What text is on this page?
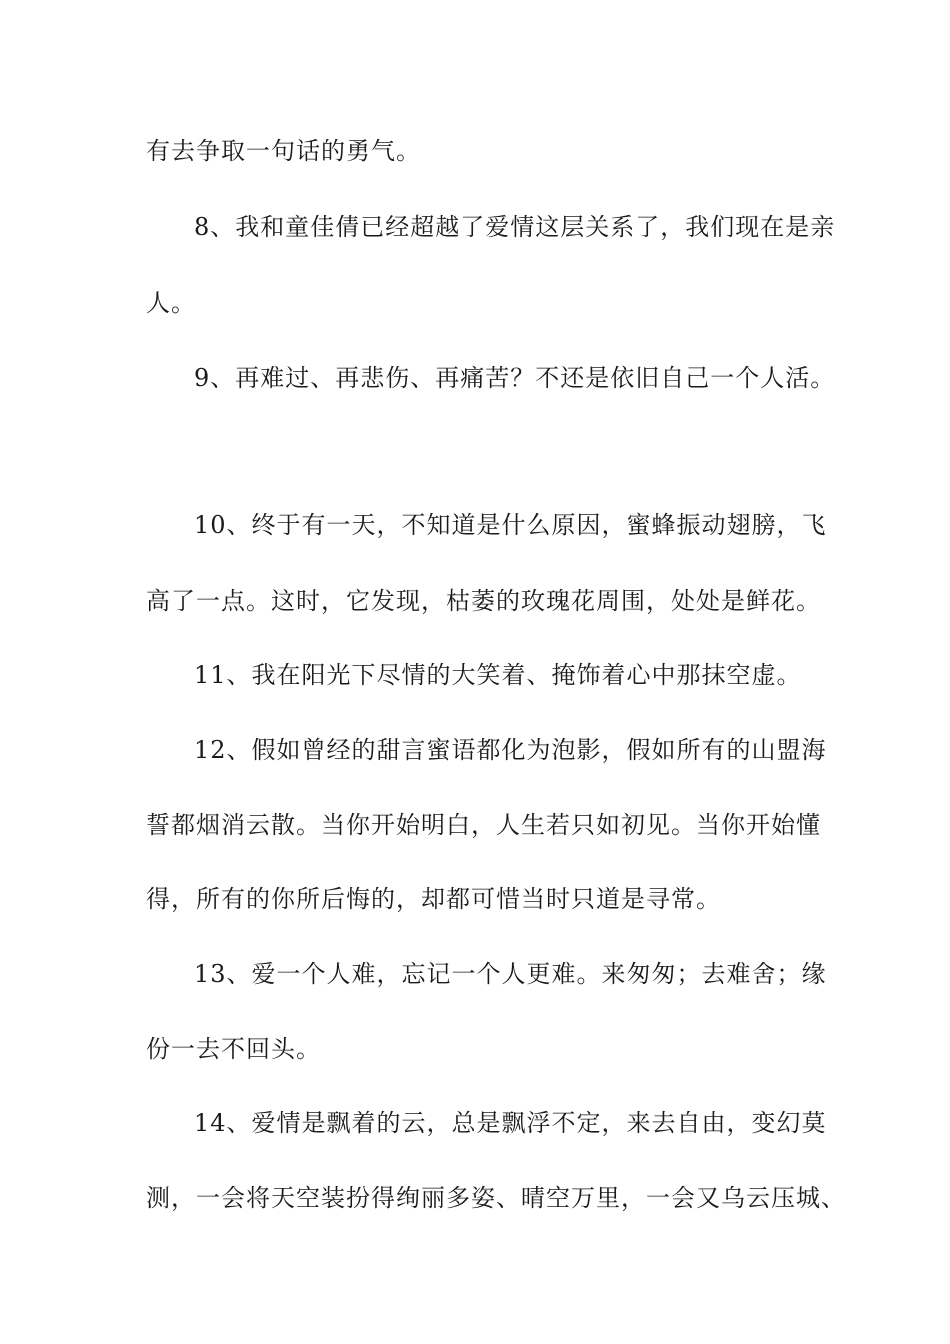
有去争取一句话的勇气。
8、我和童佳倩已经超越了爱情这层关系了，我们现在是亲
人。
9、再难过、再悲伤、再痛苦？不还是依旧自己一个人活。
10、终于有一天，不知道是什么原因，蜜蜂振动翅膀，飞
高了一点。这时，它发现，枯萎的玫瑰花周围，处处是鲜花。
11、我在阳光下尽情的大笑着、掩饰着心中那抹空虚。
12、假如曾经的甜言蜜语都化为泡影，假如所有的山盟海
誓都烟消云散。当你开始明白，人生若只如初见。当你开始懂
得，所有的你所后悔的，却都可惜当时只道是寻常。
13、爱一个人难，忘记一个人更难。来匆匆；去难舍；缘
份一去不回头。
14、爱情是飘着的云，总是飘浮不定，来去自由，变幻莫
测，一会将天空装扮得绚丽多姿、晴空万里，一会又乌云压城、
